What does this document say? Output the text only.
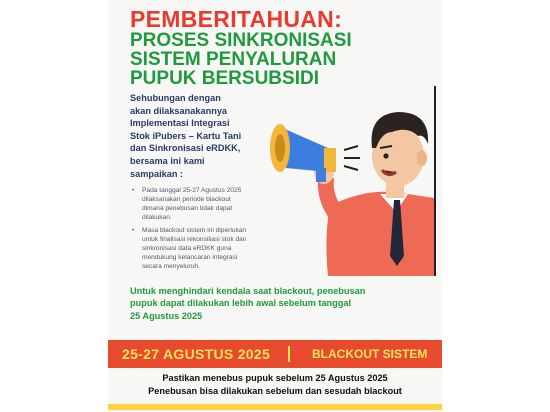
PEMBERITAHUAN:
PROSES SINKRONISASI
SISTEM PENYALURAN
PUPUK BERSUBSIDI
Sehubungan dengan
akan dilaksanakannya
Implementasi Integrasi
Stok iPubers – Kartu Tani
dan Sinkronisasi eRDKK,
bersama ini kami
sampaikan :
• Pada tanggal 25-27 Agustus 2025
dilaksanakan periode blackout
dimana penebusan tidak dapat
dilakukan.
• Masa blackout sistem ini diperlukan
untuk finalisasi rekonsiliasi stok dan
sinkronisasi data eRDKK guna
mendukung kelancaran integrasi
secara menyeluruh.
Untuk menghindari kendala saat blackout, penebusan
pupuk dapat dilakukan lebih awal sebelum tanggal
25 Agustus 2025
25-27 AGUSTUS 2025	BLACKOUT SISTEM
Pastikan menebus pupuk sebelum 25 Agustus 2025
Penebusan bisa dilakukan sebelum dan sesudah blackout
